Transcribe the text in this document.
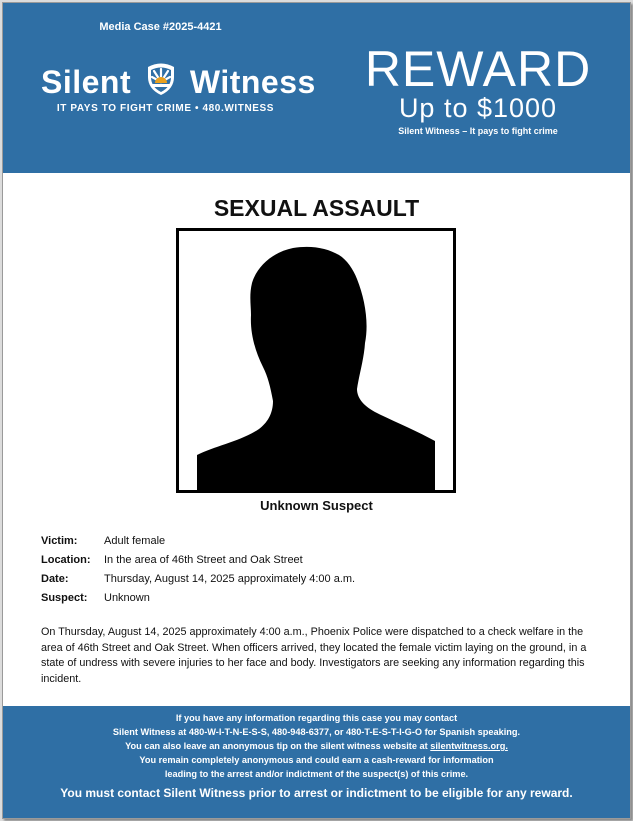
Media Case #2025-4421
Silent Witness
IT PAYS TO FIGHT CRIME • 480.WITNESS
REWARD
Up to $1000
Silent Witness – It pays to fight crime
SEXUAL ASSAULT
Unknown Suspect
Victim: Adult female
Location: In the area of 46th Street and Oak Street
Date:	Thursday, August 14, 2025 approximately 4:00 a.m.
Suspect: Unknown
On Thursday, August 14, 2025 approximately 4:00 a.m., Phoenix Police were dispatched to a check welfare in the area of 46th Street and Oak Street. When officers arrived, they located the female victim laying on the ground, in a state of undress with severe injuries to her face and body. Investigators are seeking any information regarding this incident.
If you have any information regarding this case you may contact
Silent Witness at 480-W-I-T-N-E-S-S, 480-948-6377, or 480-T-E-S-T-I-G-O for Spanish speaking.
You can also leave an anonymous tip on the silent witness website at silentwitness.org.
You remain completely anonymous and could earn a cash-reward for information
leading to the arrest and/or indictment of the suspect(s) of this crime.
You must contact Silent Witness prior to arrest or indictment to be eligible for any reward.
